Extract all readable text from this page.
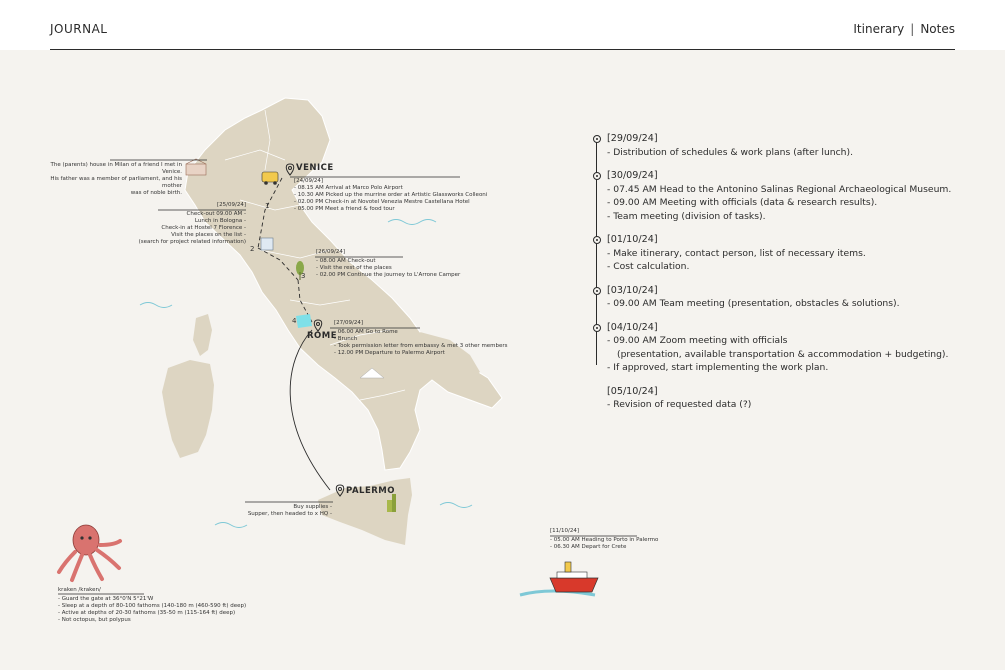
JOURNAL	Itinerary | Notes
VENICE
ROME
PALERMO
1
2
3
4
[24/09/24]
- 08.15 AM Arrival at Marco Polo Airport
- 10.30 AM Picked up the murrine order at Artistic Glassworks Colleoni
- 02.00 PM Check-in at Novotel Venezia Mestre Castellana Hotel
- 05.00 PM Meet a friend & food tour
The (parents) house in Milan of a friend I met in Venice.
His father was a member of parliament, and his mother
was of noble birth.
[25/09/24]
Check-out 09.00 AM -
Lunch in Bologna -
Check-in at Hostel 7 Florence -
Visit the places on the list -
(search for project related information)
[26/09/24]
- 08.00 AM Check-out
- Visit the rest of the places
- 02.00 PM Continue the journey to L'Arrone Camper
[27/09/24]
- 06.00 AM Go to Rome
- Brunch
- Took permission letter from embassy & met 3 other members
- 12.00 PM Departure to Palermo Airport
Buy supplies -
Supper, then headed to x HQ -
kraken /kraken/
- Guard the gate at 36°0'N 5°21'W
- Sleep at a depth of 80-100 fathoms (140-180 m (460-590 ft) deep)
- Active at depths of 20-30 fathoms (35-50 m (115-164 ft) deep)
- Not octopus, but polypus
[11/10/24]
- 05.00 AM Heading to Porto in Palermo
- 06.30 AM Depart for Crete
[29/09/24]
- Distribution of schedules & work plans (after lunch).
[30/09/24]
- 07.45 AM Head to the Antonino Salinas Regional Archaeological Museum.
- 09.00 AM Meeting with officials (data & research results).
- Team meeting (division of tasks).
[01/10/24]
- Make itinerary, contact person, list of necessary items.
- Cost calculation.
[03/10/24]
- 09.00 AM Team meeting (presentation, obstacles & solutions).
[04/10/24]
- 09.00 AM Zoom meeting with officials
(presentation, available transportation & accommodation + budgeting).
- If approved, start implementing the work plan.
[05/10/24]
- Revision of requested data (?)
